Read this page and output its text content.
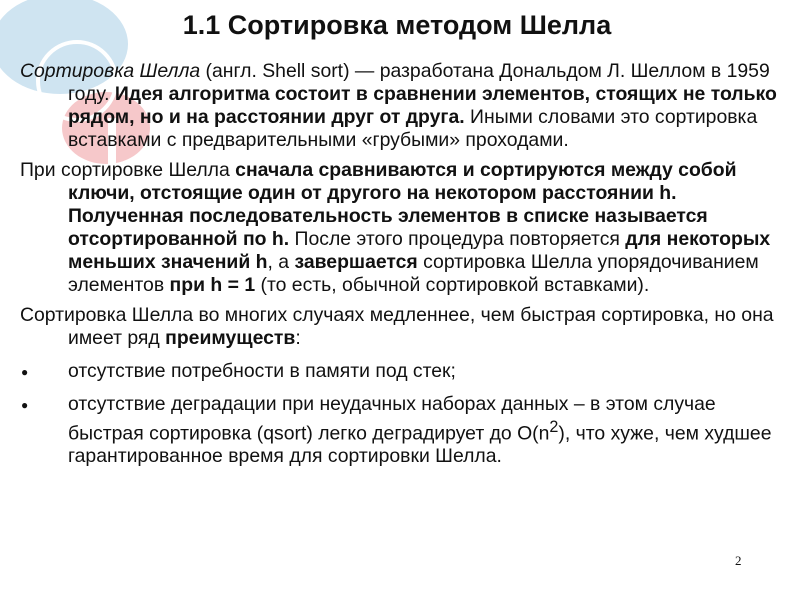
1.1 Сортировка методом Шелла

Сортировка Шелла (англ. Shell sort) — разработана Дональдом Л. Шеллом в 1959 году. Идея алгоритма состоит в сравнении элементов, стоящих не только рядом, но и на расстоянии друг от друга. Иными словами это сортировка вставками с предварительными «грубыми» проходами.

При сортировке Шелла сначала сравниваются и сортируются между собой ключи, отстоящие один от другого на некотором расстоянии h. Полученная последовательность элементов в списке называется отсортированной по h. После этого процедура повторяется для некоторых меньших значений h, а завершается сортировка Шелла упорядочиванием элементов при h = 1 (то есть, обычной сортировкой вставками).

Сортировка Шелла во многих случаях медленнее, чем быстрая сортировка, но она имеет ряд преимуществ:

● отсутствие потребности в памяти под стек;
● отсутствие деградации при неудачных наборах данных – в этом случае быстрая сортировка (qsort) легко деградирует до $O(n^2)$, что хуже, чем худшее гарантированное время для сортировки Шелла.
2
